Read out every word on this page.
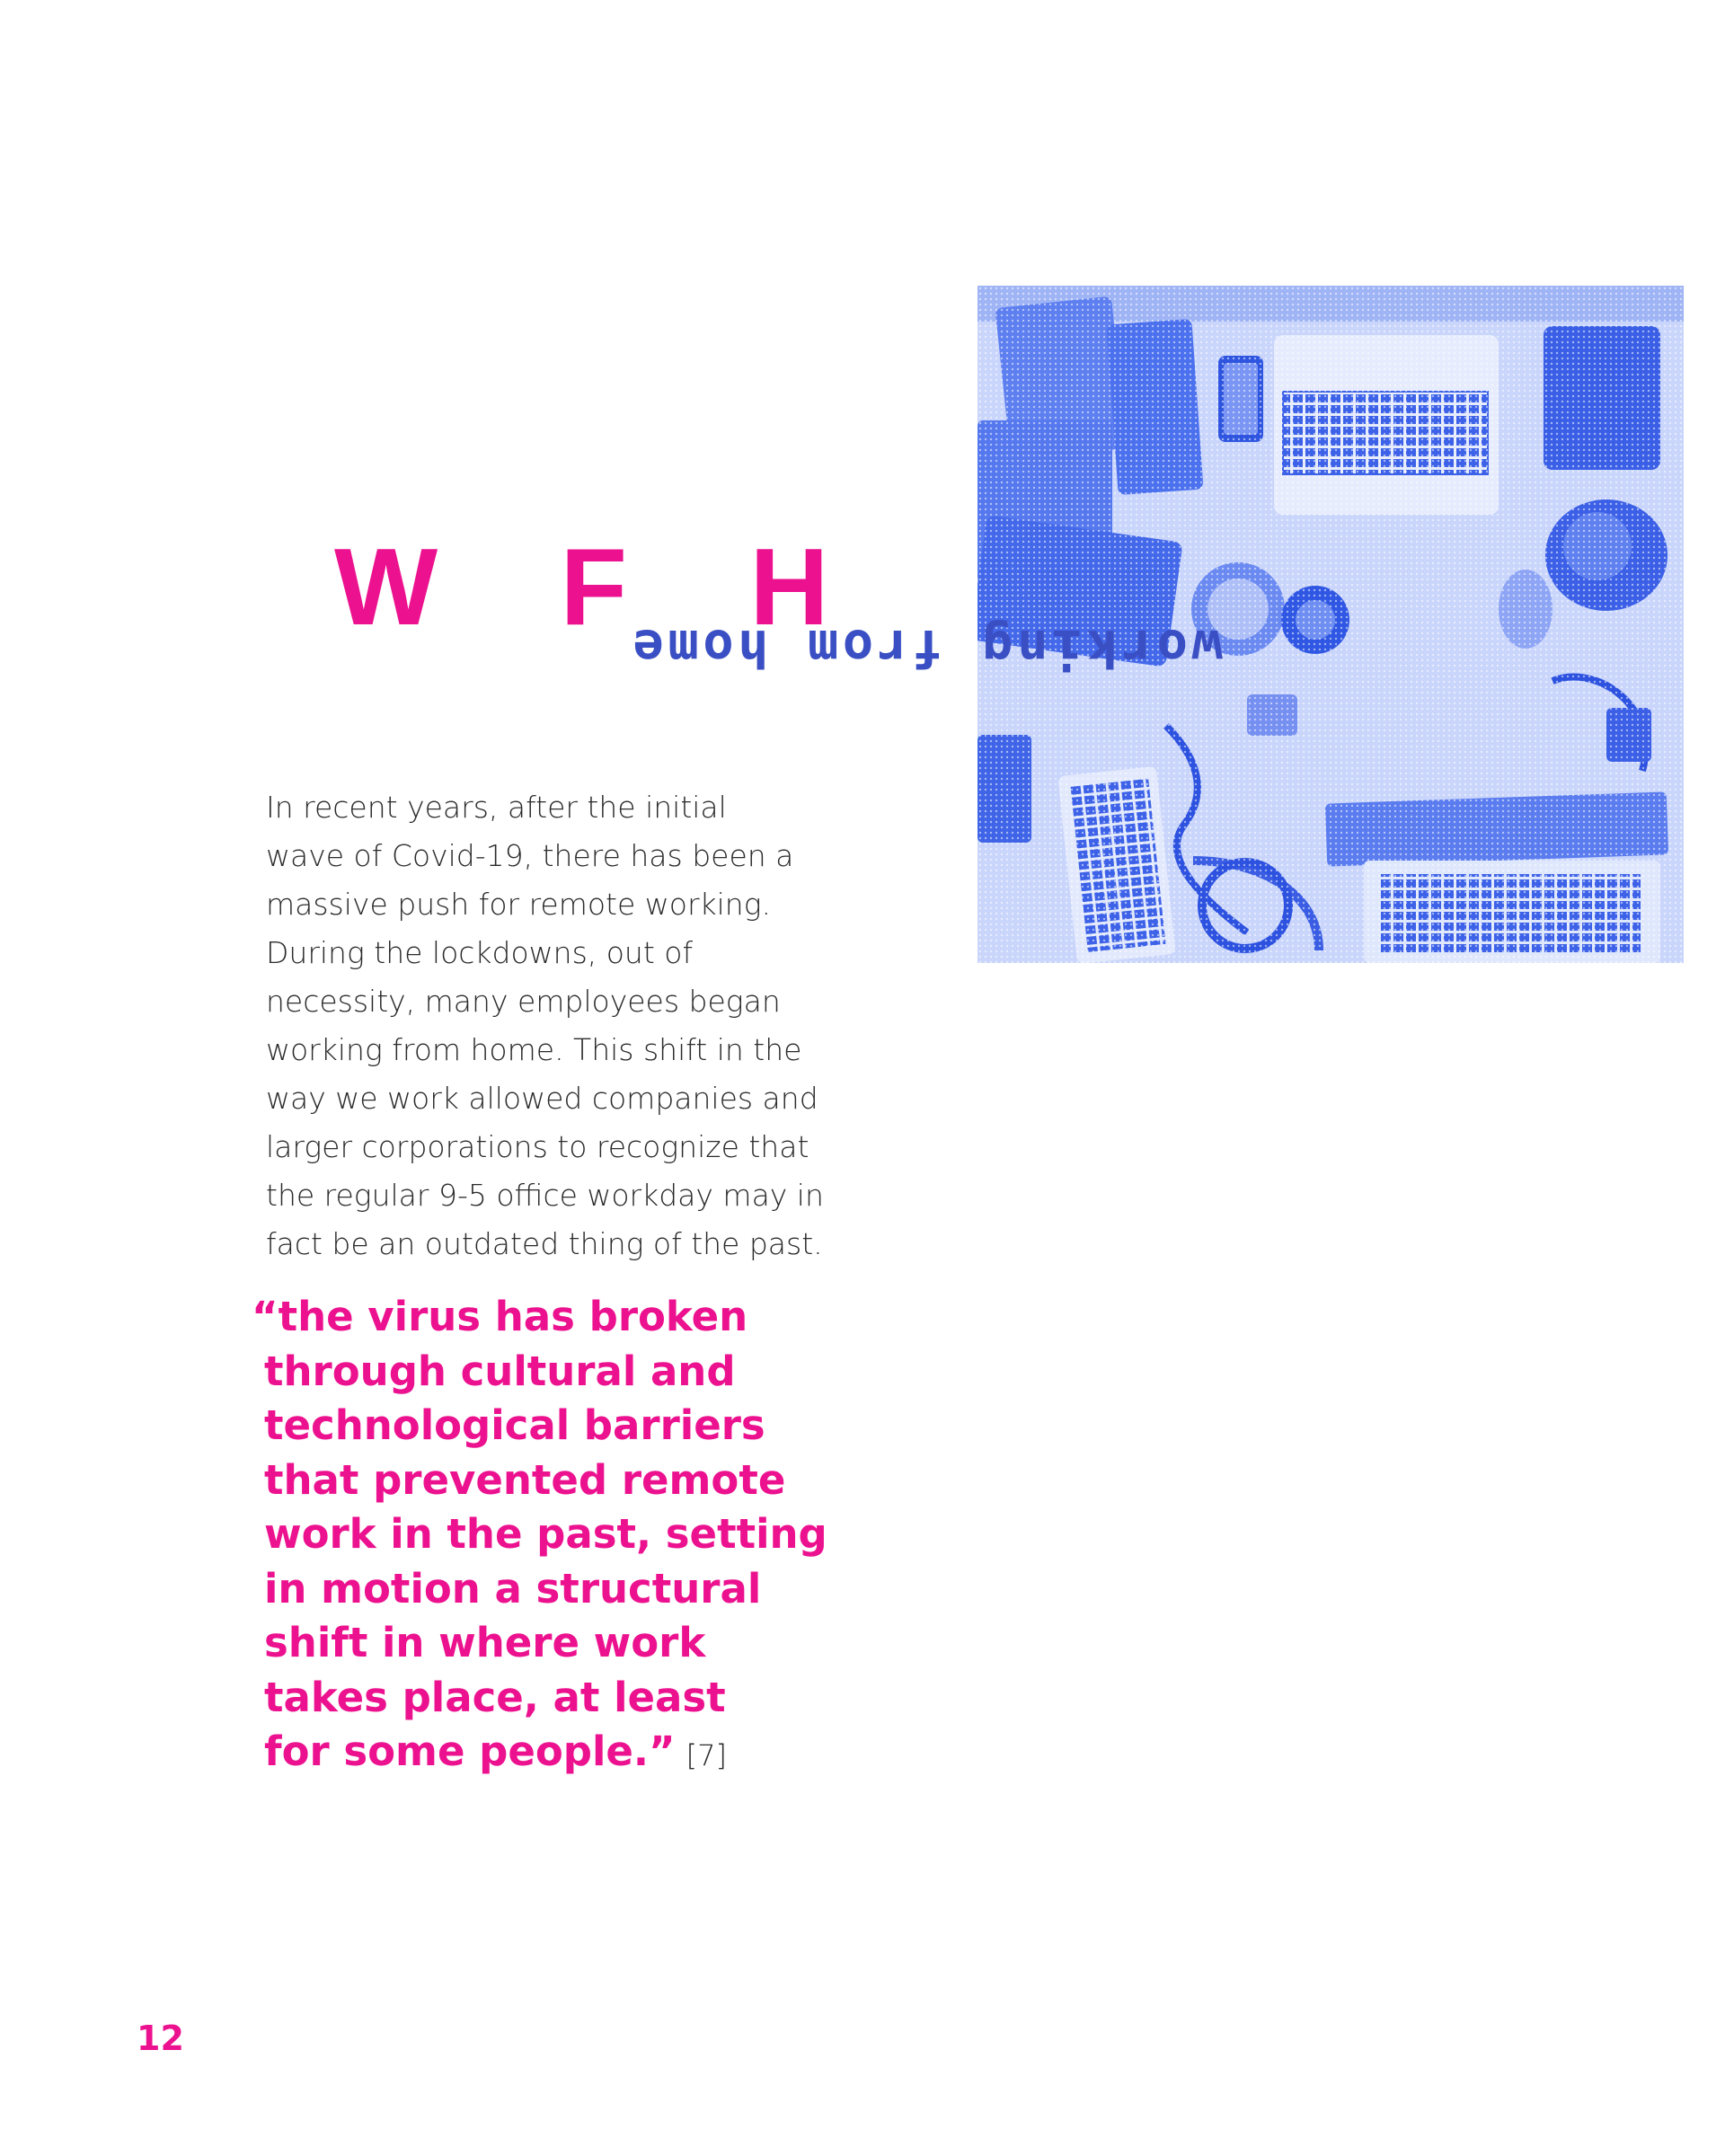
W F H
working from home

In recent years, after the initial
wave of Covid-19, there has been a
massive push for remote working.
During the lockdowns, out of
necessity, many employees began
working from home. This shift in the
way we work allowed companies and
larger corporations to recognize that
the regular 9-5 office workday may in
fact be an outdated thing of the past.

“the virus has broken
through cultural and
technological barriers
that prevented remote
work in the past, setting
in motion a structural
shift in where work
takes place, at least
for some people.” [7]

12
